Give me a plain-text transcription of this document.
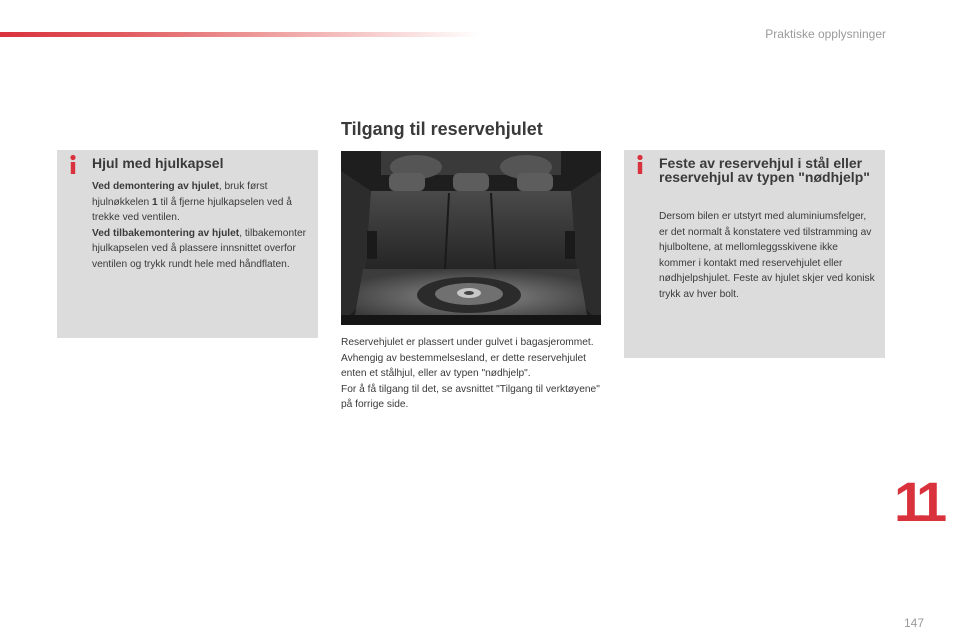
Praktiske opplysninger
Tilgang til reservehjulet
Hjul med hjulkapsel

Ved demontering av hjulet, bruk først hjulnøkkelen 1 til å fjerne hjulkapselen ved å trekke ved ventilen.
Ved tilbakemontering av hjulet, tilbakemonter hjulkapselen ved å plassere innsnittet overfor ventilen og trykk rundt hele med håndflaten.

Reservehjulet er plassert under gulvet i bagasjerommet.
Avhengig av bestemmelsesland, er dette reservehjulet enten et stålhjul, eller av typen "nødhjelp".
For å få tilgang til det, se avsnittet "Tilgang til verktøyene" på forrige side.

Feste av reservehjul i stål eller reservehjul av typen "nødhjelp"

Dersom bilen er utstyrt med aluminiumsfelger, er det normalt å konstatere ved tilstramming av hjulboltene, at mellomleggsskivene ikke kommer i kontakt med reservehjulet eller nødhjelpshjulet. Feste av hjulet skjer ved konisk trykk av hver bolt.

11
147
